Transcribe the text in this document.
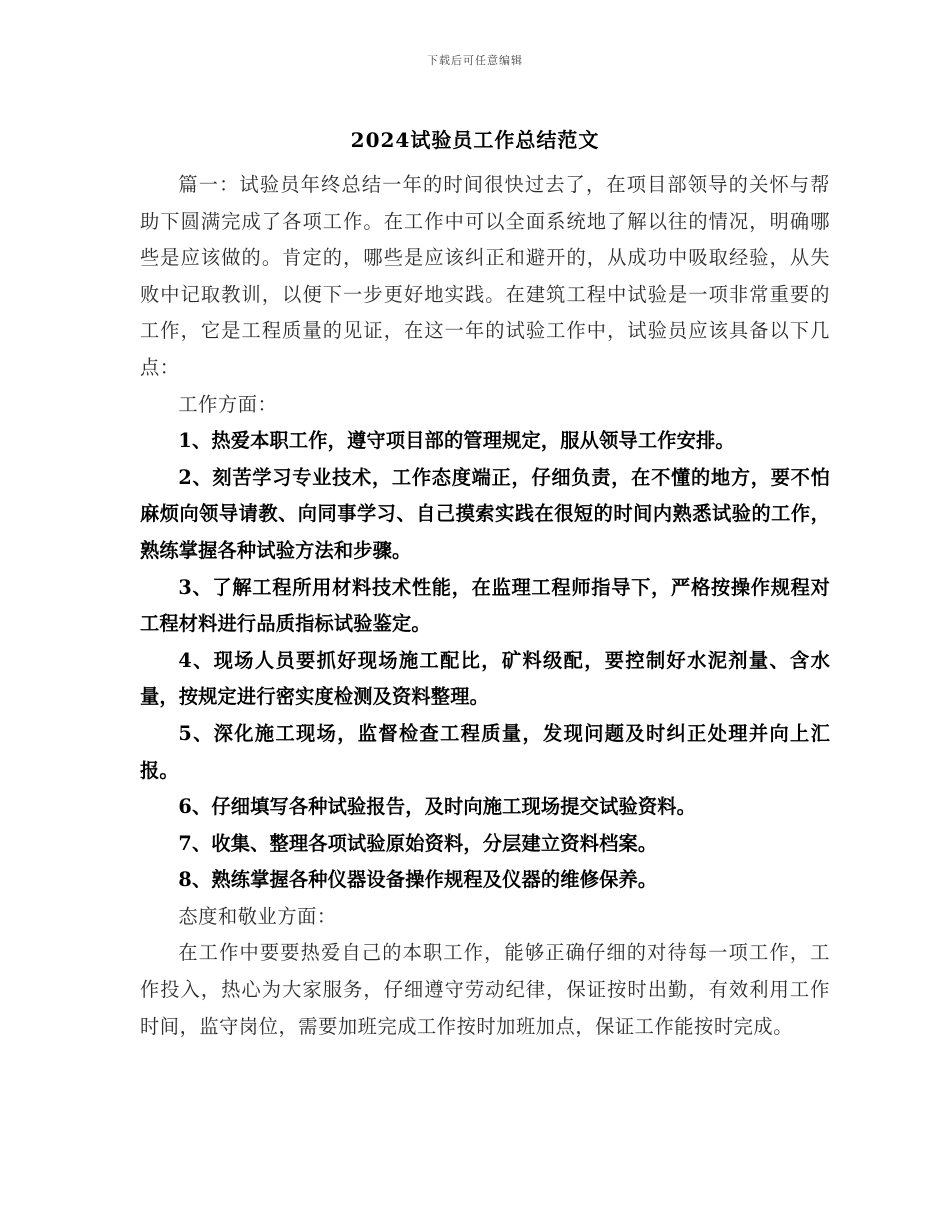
下载后可任意编辑
2024试验员工作总结范文

篇一：试验员年终总结一年的时间很快过去了，在项目部领导的关怀与帮助下圆满完成了各项工作。在工作中可以全面系统地了解以往的情况，明确哪些是应该做的。肯定的，哪些是应该纠正和避开的，从成功中吸取经验，从失败中记取教训，以便下一步更好地实践。在建筑工程中试验是一项非常重要的工作，它是工程质量的见证，在这一年的试验工作中，试验员应该具备以下几点：

工作方面：

1、热爱本职工作，遵守项目部的管理规定，服从领导工作安排。

2、刻苦学习专业技术，工作态度端正，仔细负责，在不懂的地方，要不怕麻烦向领导请教、向同事学习、自己摸索实践在很短的时间内熟悉试验的工作，熟练掌握各种试验方法和步骤。

3、了解工程所用材料技术性能，在监理工程师指导下，严格按操作规程对工程材料进行品质指标试验鉴定。

4、现场人员要抓好现场施工配比，矿料级配，要控制好水泥剂量、含水量，按规定进行密实度检测及资料整理。

5、深化施工现场，监督检查工程质量，发现问题及时纠正处理并向上汇报。

6、仔细填写各种试验报告，及时向施工现场提交试验资料。

7、收集、整理各项试验原始资料，分层建立资料档案。

8、熟练掌握各种仪器设备操作规程及仪器的维修保养。

态度和敬业方面：

在工作中要要热爱自己的本职工作，能够正确仔细的对待每一项工作，工作投入，热心为大家服务，仔细遵守劳动纪律，保证按时出勤，有效利用工作时间，监守岗位，需要加班完成工作按时加班加点，保证工作能按时完成。
